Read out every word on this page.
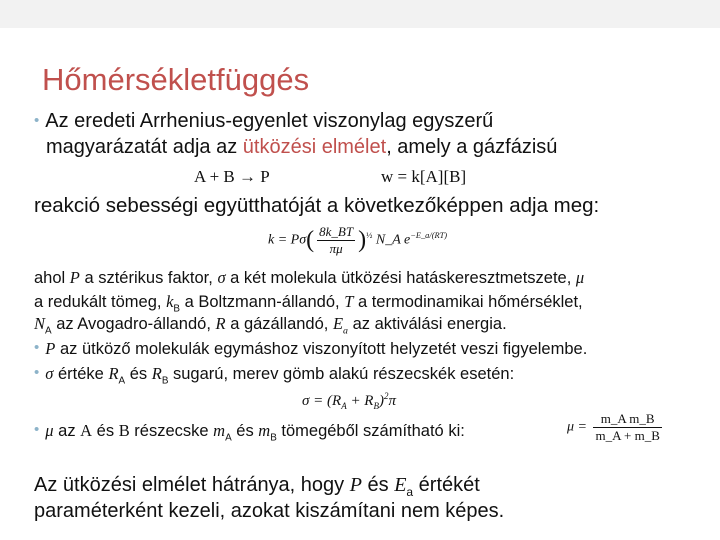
Hőmérsékletfüggés
• Az eredeti Arrhenius-egyenlet viszonylag egyszerű
magyarázatát adja az ütközési elmélet, amely a gázfázisú
A + B → P	w = k[A][B]
reakció sebességi együtthatóját a következőképpen adja meg:
$k = P\sigma( \frac{8k\_BT}{\pi\mu} )^{\frac{1}{2}}$ N_A $e^{-E\_a/(RT)}$
ahol P a sztérikus faktor, σ a két molekula ütközési hatáskeresztmetszete, μ
a redukált tömeg, $k_B$ a Boltzmann-állandó, T a termodinamikai hőmérséklet,
$N_A$ az Avogadro-állandó, R a gázállandó, $E_a$ az aktiválási energia.
• P az ütköző molekulák egymáshoz viszonyított helyzetét veszi figyelembe.
• σ értéke $R_A$ és $R_B$ sugarú, merev gömb alakú részecskék esetén:
$\sigma = (R_A + R_B)^2\pi$
• μ az A és B részecske $m_A$ és $m_B$ tömegéből számítható ki:	$\mu = \frac{\text{m\_A m\_B}}{m\_A + m\_B}$
Az ütközési elmélet hátránya, hogy P és $E_a$ értékét
paraméterként kezeli, azokat kiszámítani nem képes.
